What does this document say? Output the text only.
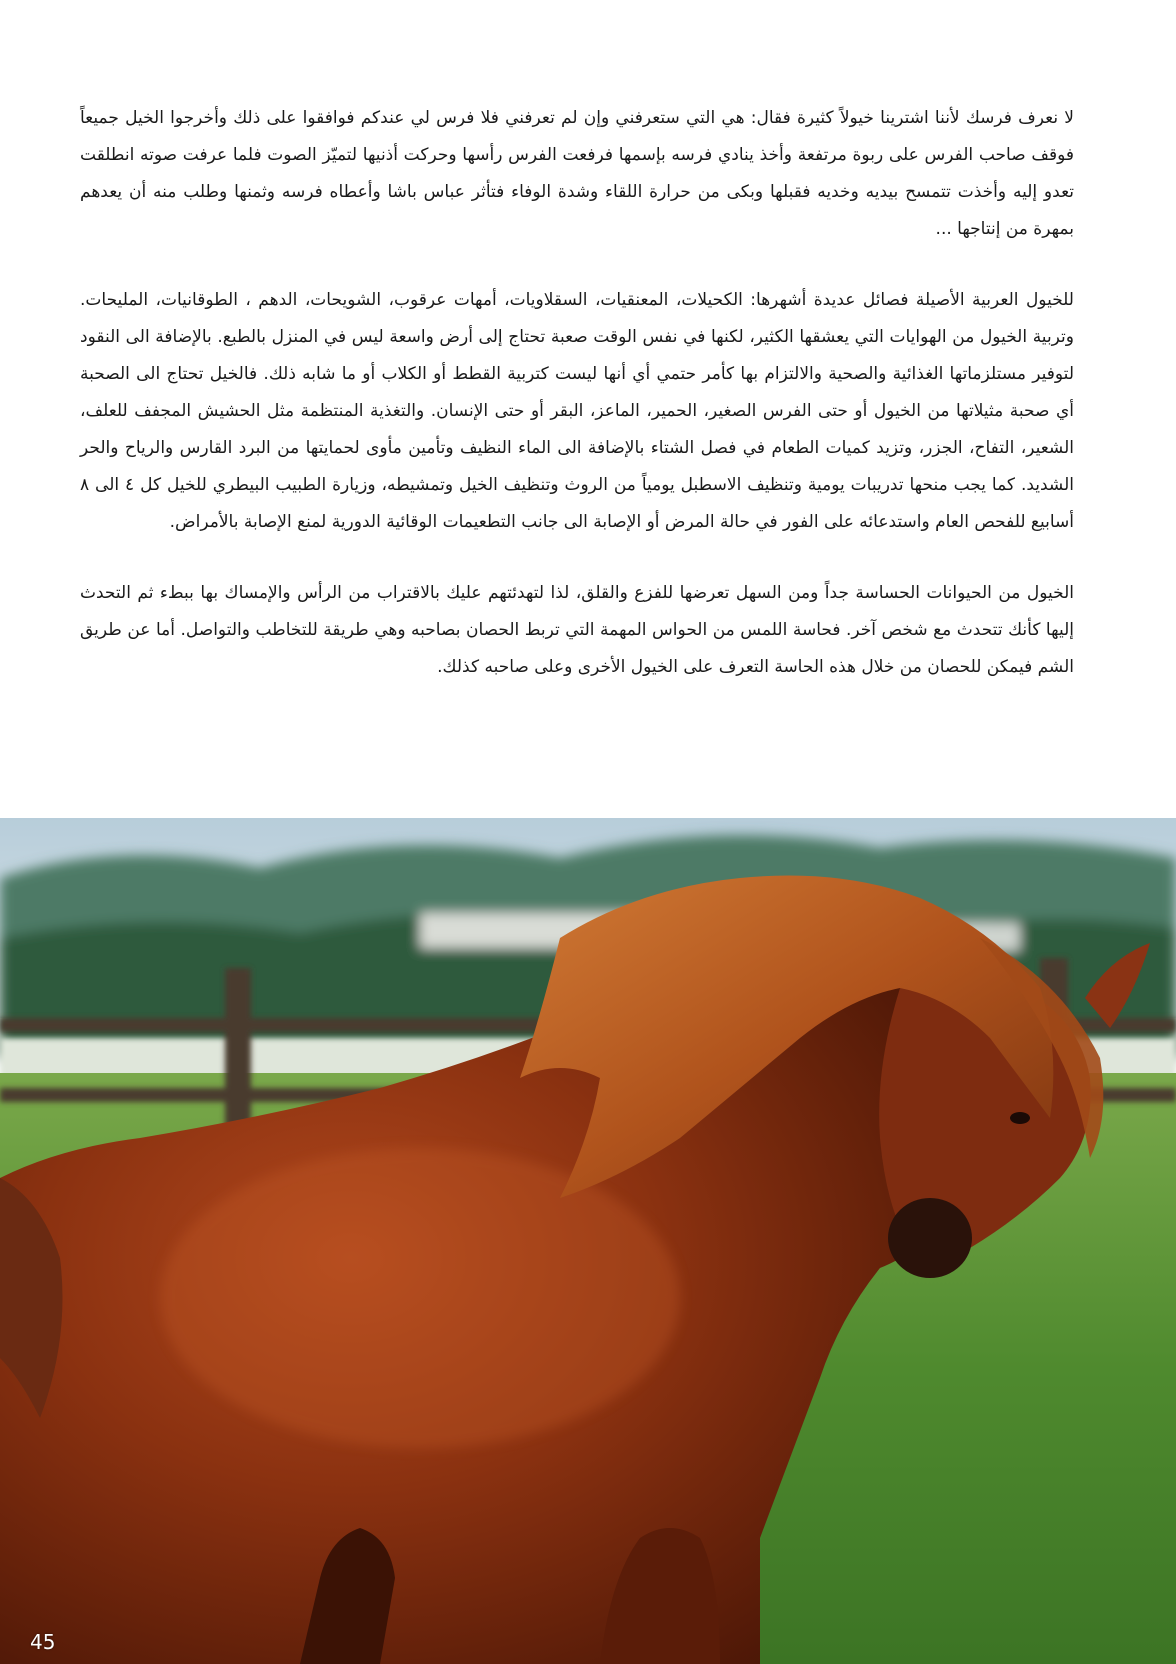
لا نعرف فرسك لأننا اشترينا خيولاً كثيرة فقال: هي التي ستعرفني وإن لم تعرفني فلا فرس لي عندكم فوافقوا على ذلك وأخرجوا الخيل جميعاً فوقف صاحب الفرس على ربوة مرتفعة وأخذ ينادي فرسه بإسمها فرفعت الفرس رأسها وحركت أذنيها لتميّز الصوت فلما عرفت صوته انطلقت تعدو إليه وأخذت تتمسح بيديه وخديه فقبلها وبكى من حرارة اللقاء وشدة الوفاء فتأثر عباس باشا وأعطاه فرسه وثمنها وطلب منه أن يعدهم بمهرة من إنتاجها ...

للخيول العربية الأصيلة فصائل عديدة أشهرها: الكحيلات، المعنقيات، السقلاويات، أمهات عرقوب، الشويحات، الدهم ، الطوقانيات، المليحات. وتربية الخيول من الهوايات التي يعشقها الكثير، لكنها في نفس الوقت صعبة تحتاج إلى أرض واسعة ليس في المنزل بالطبع. بالإضافة الى النقود لتوفير مستلزماتها الغذائية والصحية والالتزام بها كأمر حتمي أي أنها ليست كتربية القطط أو الكلاب أو ما شابه ذلك. فالخيل تحتاج الى الصحبة أي صحبة مثيلاتها من الخيول أو حتى الفرس الصغير، الحمير، الماعز، البقر أو حتى الإنسان. والتغذية المنتظمة مثل الحشيش المجفف للعلف، الشعير، التفاح، الجزر، وتزيد كميات الطعام في فصل الشتاء بالإضافة الى الماء النظيف وتأمين مأوى لحمايتها من البرد القارس والرياح والحر الشديد. كما يجب منحها تدريبات يومية وتنظيف الاسطبل يومياً من الروث وتنظيف الخيل وتمشيطه، وزيارة الطبيب البيطري للخيل كل ٤ الى ٨ أسابيع للفحص العام واستدعائه على الفور في حالة المرض أو الإصابة الى جانب التطعيمات الوقائية الدورية لمنع الإصابة بالأمراض.

الخيول من الحيوانات الحساسة جداً ومن السهل تعرضها للفزع والقلق، لذا لتهدئتهم عليك بالاقتراب من الرأس والإمساك بها ببطء ثم التحدث إليها كأنك تتحدث مع شخص آخر. فحاسة اللمس من الحواس المهمة التي تربط الحصان بصاحبه وهي طريقة للتخاطب والتواصل. أما عن طريق الشم فيمكن للحصان من خلال هذه الحاسة التعرف على الخيول الأخرى وعلى صاحبه كذلك.

45
